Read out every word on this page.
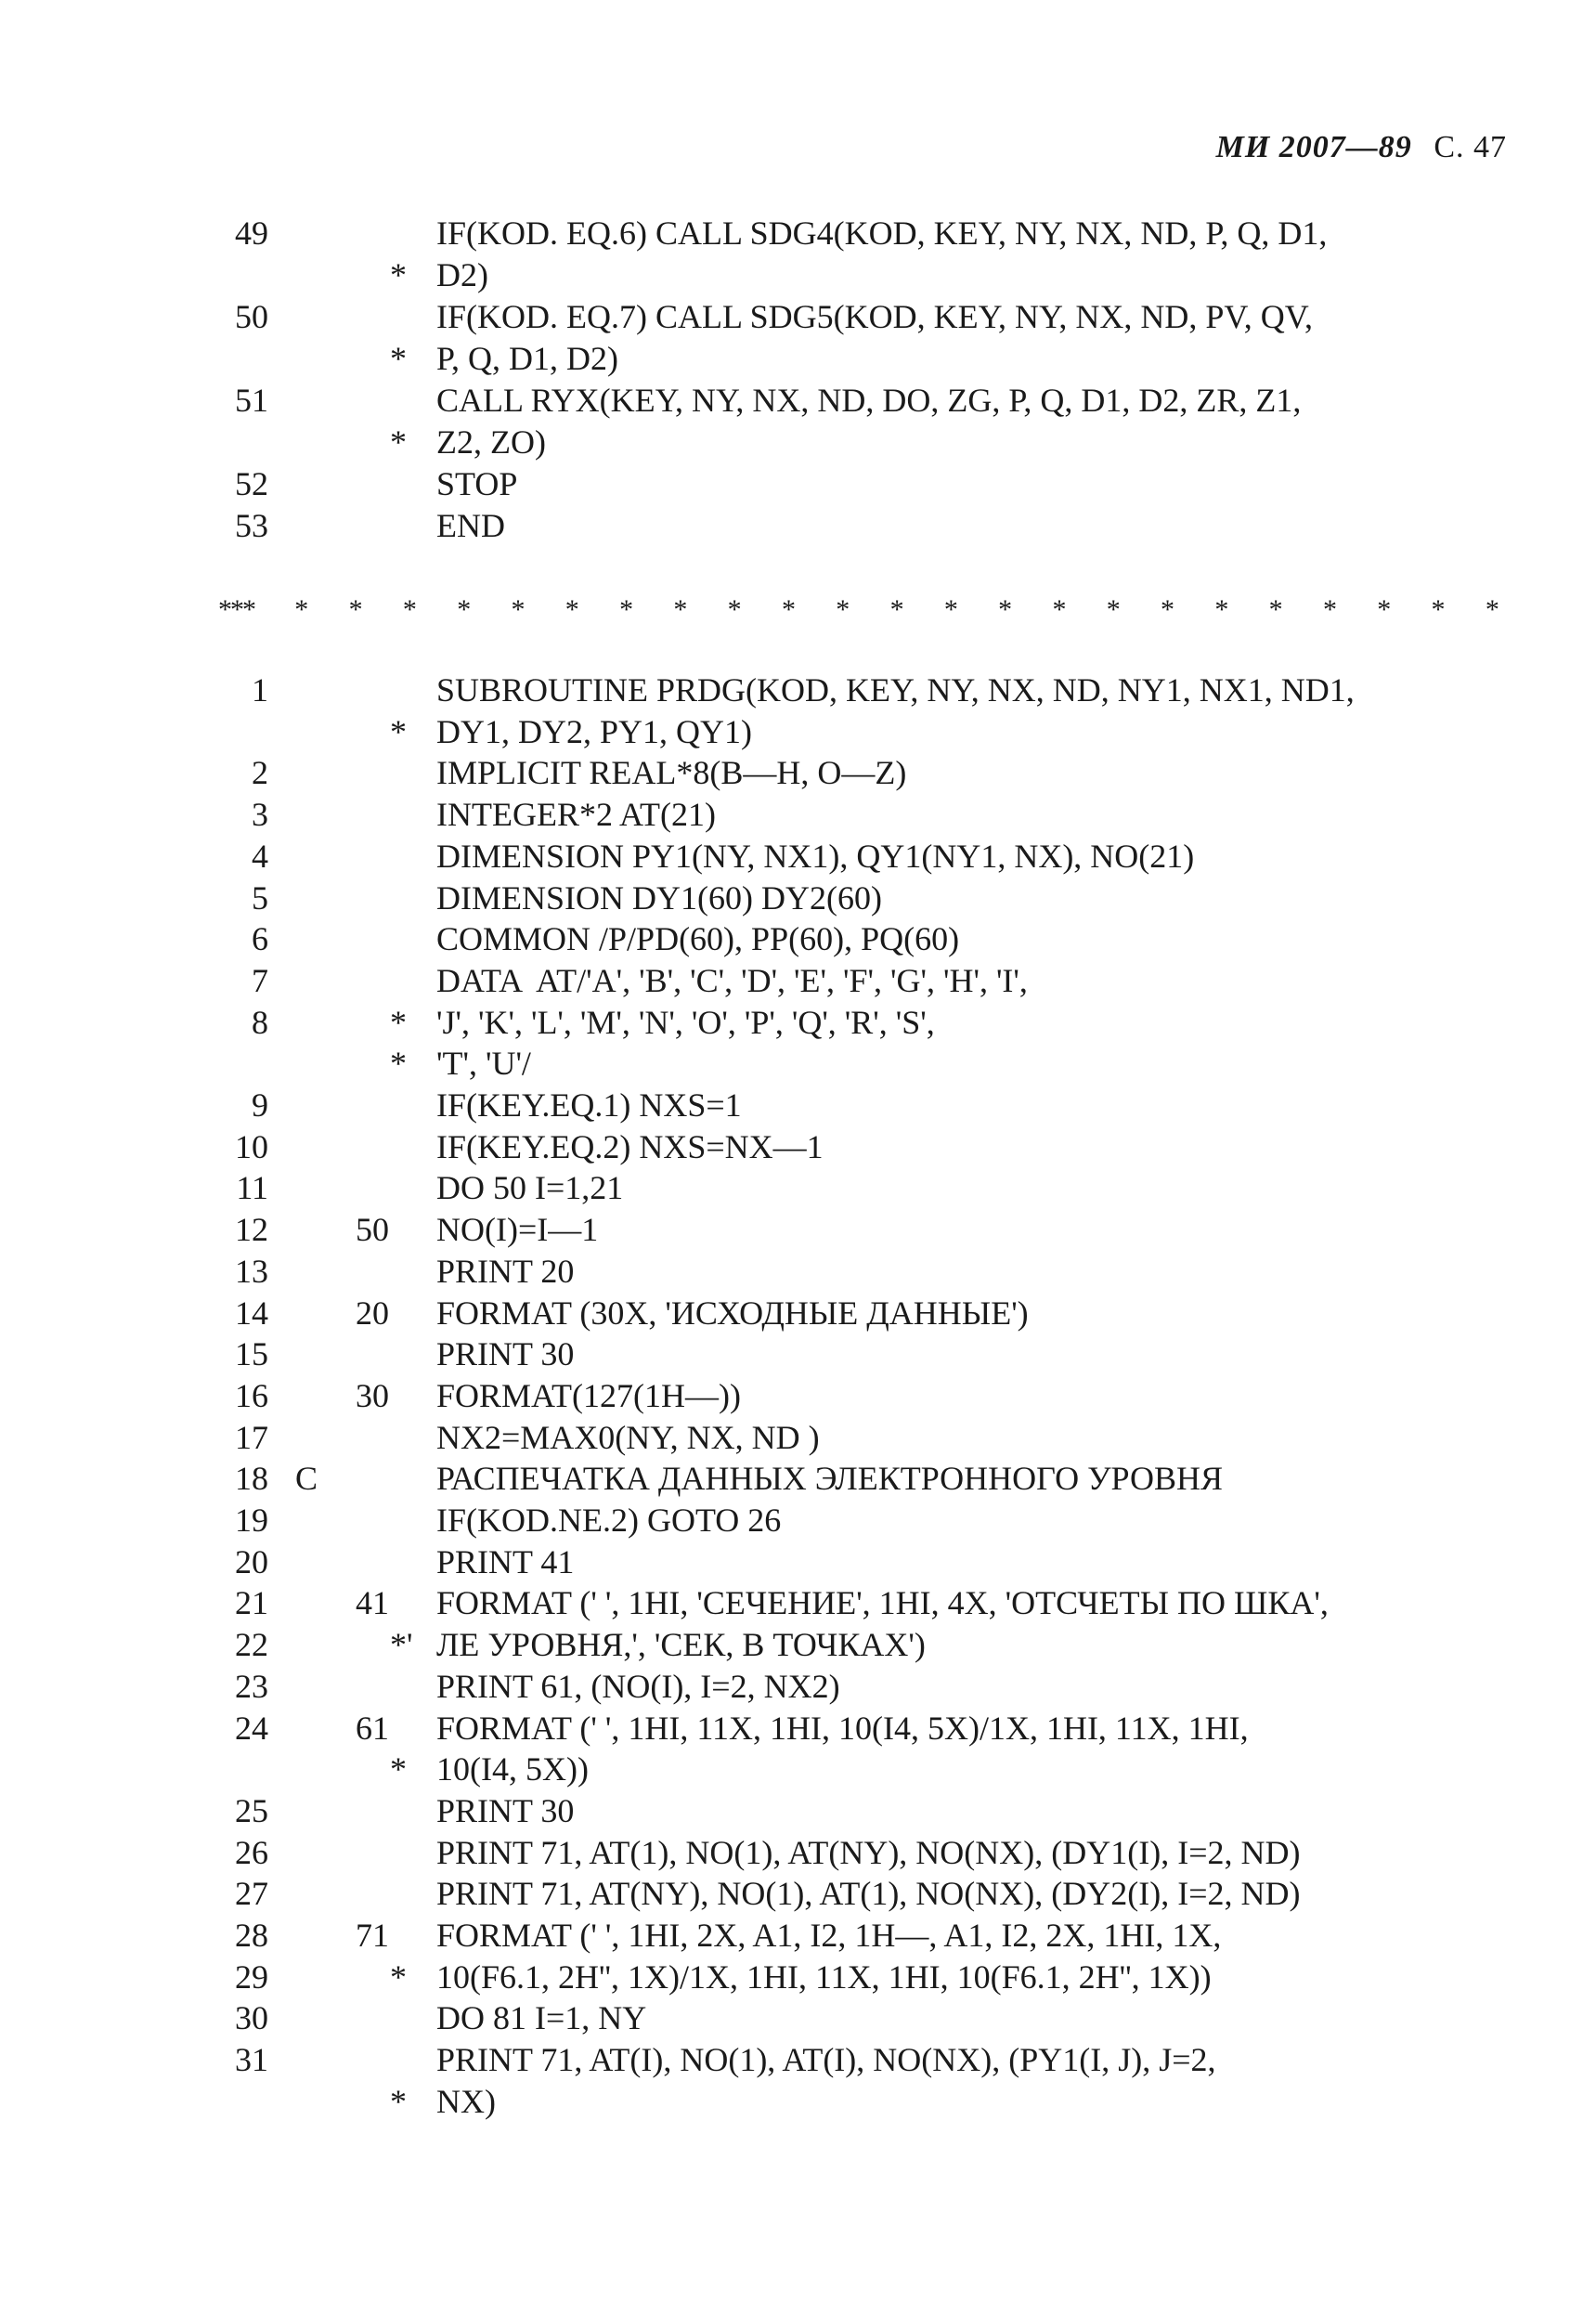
МИ 2007—89 С. 47
49	IF(KOD. EQ.6) CALL SDG4(KOD, KEY, NY, NX, ND, P, Q, D1,
* D2)
50	IF(KOD. EQ.7) CALL SDG5(KOD, KEY, NY, NX, ND, PV, QV,
* P, Q, D1, D2)
51	CALL RYX(KEY, NY, NX, ND, DO, ZG, P, Q, D1, D2, ZR, Z1,
* Z2, ZO)
52	STOP
53	END
*** * * * * * * * * * * * * * * * * * * * * * * *
1	SUBROUTINE PRDG(KOD, KEY, NY, NX, ND, NY1, NX1, ND1,
* DY1, DY2, PY1, QY1)
2	IMPLICIT REAL*8(B—H, O—Z)
3	INTEGER*2 AT(21)
4	DIMENSION PY1(NY, NX1), QY1(NY1, NX), NO(21)
5	DIMENSION DY1(60) DY2(60)
6	COMMON /P/PD(60), PP(60), PQ(60)
7	DATA  AT/'A', 'B', 'C', 'D', 'E', 'F', 'G', 'H', 'I',
8	* 'J', 'K', 'L', 'M', 'N', 'O', 'P', 'Q', 'R', 'S',
* 'T', 'U'/
9	IF(KEY.EQ.1) NXS=1
10	IF(KEY.EQ.2) NXS=NX—1
11	DO 50 I=1,21
12	50 NO(I)=I—1
13	PRINT 20
14	20 FORMAT (30X, 'ИСХОДНЫЕ ДАННЫЕ')
15	PRINT 30
16	30 FORMAT(127(1H—))
17	NX2=MAX0(NY, NX, ND )
18 C	РАСПЕЧАТКА ДАННЫХ ЭЛЕКТРОННОГО УРОВНЯ
19	IF(KOD.NE.2) GOTO 26
20	PRINT 41
21	41 FORMAT (' ', 1HI, 'СЕЧЕНИЕ', 1HI, 4X, 'ОТСЧЕТЫ ПО ШКА',
22	*' ЛЕ УРОВНЯ,', 'СЕК, В ТОЧКАХ')
23	PRINT 61, (NO(I), I=2, NX2)
24	61 FORMAT (' ', 1HI, 11X, 1HI, 10(I4, 5X)/1X, 1HI, 11X, 1HI,
* 10(I4, 5X))
25	PRINT 30
26	PRINT 71, AT(1), NO(1), AT(NY), NO(NX), (DY1(I), I=2, ND)
27	PRINT 71, AT(NY), NO(1), AT(1), NO(NX), (DY2(I), I=2, ND)
28	71 FORMAT (' ', 1HI, 2X, A1, I2, 1H—, A1, I2, 2X, 1HI, 1X,
29	* 10(F6.1, 2H'', 1X)/1X, 1HI, 11X, 1HI, 10(F6.1, 2H'', 1X))
30	DO 81 I=1, NY
31	PRINT 71, AT(I), NO(1), AT(I), NO(NX), (PY1(I, J), J=2,
* NX)
